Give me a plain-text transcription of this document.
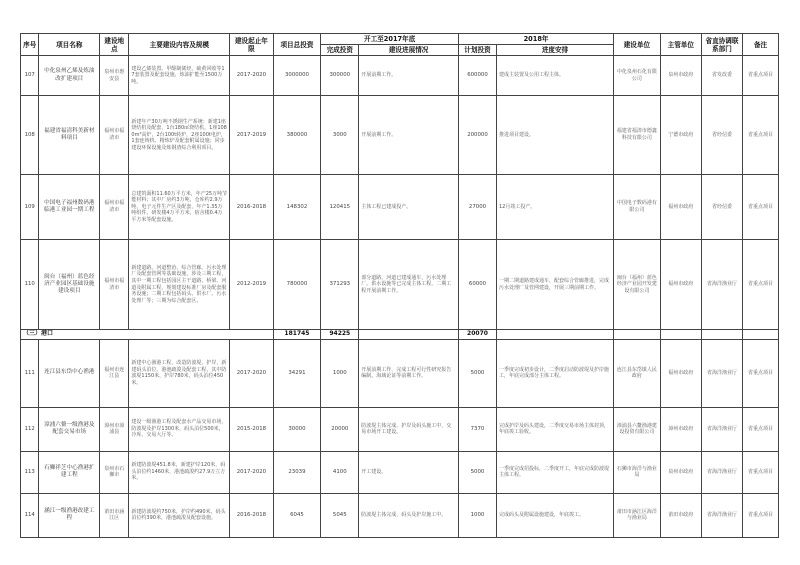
序号	项目名称	建设地点	主要建设内容及规模	建设起止年限	项目总投资	开工至2017年底		2018年		建设单位	主管单位	省直协调联系部门	备注
						完成投资	建设进展情况	计划投资	进度安排				
107	中化泉州乙烯及炼油改扩建项目	泉州市惠安县	建设乙烯装置、甲醇制烯烃、硫黄回收等17套装置及配套设施，炼油扩能至1500万吨。	2017-2020	3000000	300000	开展前期工作。	600000	建成主装置及公用工程主体。	中化泉州石化有限公司	泉州市政府	省发改委	省重点项目
108	福建省福清科美新材料项目	福州市福清市	新建年产30万吨不锈钢生产系统：新建1座烧结机及配套，1台180㎡烧结机，1座1080m³高炉，2台100t转炉，2座100t电炉，1套连铸机、精炼炉及配套附属设施；同步建设环保设施及炼钢渣综合利用项目。	2017-2019	380000	3000	开展前期工作。	200000	推进项目建设。	福建省福清市德鑫科技有限公司	宁德市政府	省经信委	省重点项目
109	中国电子福州数码港临港工业园一期工程	福州市福清市	总建筑面积11.60万平方米，年产25万吨节能材料；其中厂房约3万吨，仓库约2.9万吨，电子元件生产区及配套，年产1.35万吨组件，研发楼4万平方米，宿舍楼0.4万平方米等配套设施。	2016-2018	148302	120415	主体工程已建成投产。	27000	12月竣工投产。	中国电子数码港有限公司	福州市政府	省经信委	省重点项目
110	闽台（福州）蓝色经济产业园区基础设施建设项目	福州市福清市	新建道路、河道整治、综合管廊、污水处理厂及配套管网等基础设施，涉及三期工程，其中一期工程包括园区主干道路、桥梁、河道及附属工程，规划建设标准厂房及配套服务设施；二期工程包括码头、供水厂、污水处理厂等；三期为综合配套区。	2012-2019	780000	371293	部分道路、河道已建成通车，污水处理厂、供水设施等已完成主体工程，二期工程开展前期工作。	60000	一期二期道路建成通车，配套综合管廊推进，完成污水处理厂及管网建设，开展三期前期工作。	闽台（福州）蓝色经济产业园开发建设有限公司	福州市政府	省海洋渔业厅	省重点项目
（三）港口					181745	94225		20070					
111	连江县东岱中心渔港	福州市连江县	新建中心渔港工程，改造防波堤、护岸，新建码头泊位、港池疏浚及配套工程，其中防波堤1150米，护岸780米，码头泊位450米。	2017-2020	34291	1000	开展前期工作，完成工程可行性研究报告编制、海域论证等前期工作。	5000	一季度完成初步设计，二季度启动防波堤及护岸施工，年底完成部分主体工程。	连江县东岱镇人民政府	福州市政府	省海洋渔业厅	省重点项目
112	漳浦六鳌一级渔港及配套交易市场	漳州市漳浦县	建设一级渔港工程及配套水产品交易市场，防波堤及护岸1300米，码头泊位500米，冷库、交易大厅等。	2015-2018	30000	20000	防波堤主体完成，护岸及码头施工中，交易市场开工建设。	7370	完成护岸及码头建设，二季度交易市场主体封顶，年底竣工验收。	漳浦县六鳌渔港建设投资有限公司	漳州市政府	省海洋渔业厅	省重点项目
113	石狮祥芝中心渔港扩建工程	泉州市石狮市	新建防波堤451.8米，新建护岸120米，码头泊位约1460米，港池疏浚约27.9万立方米。	2017-2020	23039	4100	开工建设。	5000	一季度完成招投标，二季度开工，年底完成防波堤主体工程。	石狮市海洋与渔业局	泉州市政府	省海洋渔业厅	省重点项目
114	涵江一级渔港改建工程	莆田市涵江区	新建防波堤约750米，护岸约490米，码头泊位约390米，港池疏浚及配套设施。	2016-2018	6045	5045	防波堤主体完成，码头及护岸施工中。	1000	完成码头及附属设施建设，年底竣工。	莆田市涵江区海洋与渔业局	莆田市政府	省海洋渔业厅	省重点项目
